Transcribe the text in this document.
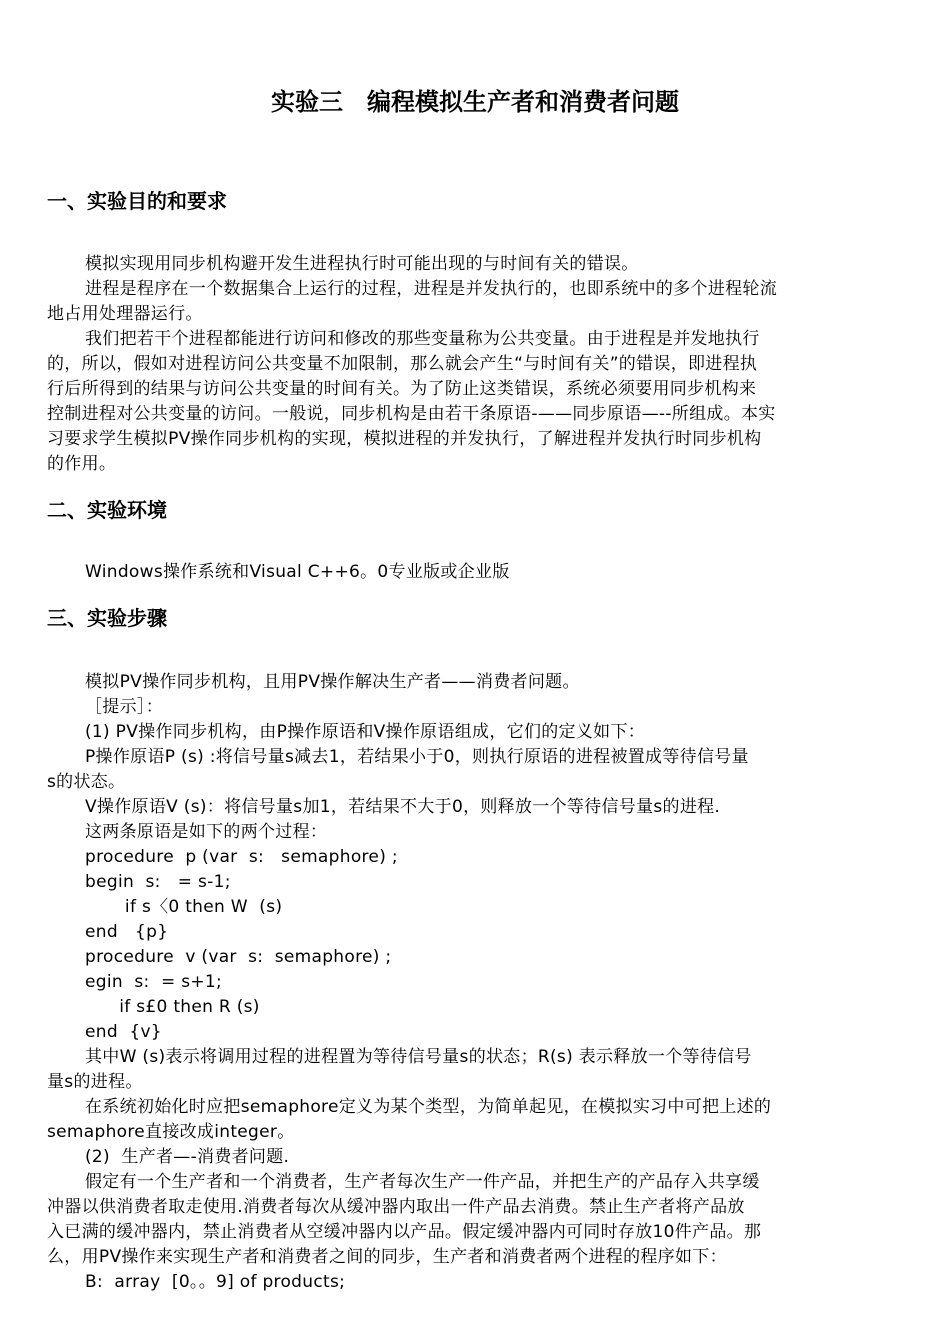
实验三　编程模拟生产者和消费者问题
一、实验目的和要求
模拟实现用同步机构避开发生进程执行时可能出现的与时间有关的错误。
进程是程序在一个数据集合上运行的过程，进程是并发执行的，也即系统中的多个进程轮流
地占用处理器运行。
我们把若干个进程都能进行访问和修改的那些变量称为公共变量。由于进程是并发地执行
的，所以，假如对进程访问公共变量不加限制，那么就会产生“与时间有关”的错误，即进程执
行后所得到的结果与访问公共变量的时间有关。为了防止这类错误，系统必须要用同步机构来
控制进程对公共变量的访问。一般说，同步机构是由若干条原语-——同步原语—--所组成。本实
习要求学生模拟PV操作同步机构的实现，模拟进程的并发执行，了解进程并发执行时同步机构
的作用。
二、实验环境
Windows操作系统和Visual C++6。0专业版或企业版
三、实验步骤
模拟PV操作同步机构，且用PV操作解决生产者——消费者问题。
［提示］：
(1) PV操作同步机构，由P操作原语和V操作原语组成，它们的定义如下：
P操作原语P (s) :将信号量s减去1，若结果小于0，则执行原语的进程被置成等待信号量
s的状态。
V操作原语V (s)：将信号量s加1，若结果不大于0，则释放一个等待信号量s的进程.
这两条原语是如下的两个过程：
procedure  p (var  s:   semaphore) ;
begin  s:   = s-1;
if s〈0 then W  (s)
end   {p}
procedure  v (var  s:  semaphore) ;
egin  s:  = s+1;
if s£0 then R (s)
end  {v}
其中W (s)表示将调用过程的进程置为等待信号量s的状态；R(s) 表示释放一个等待信号
量s的进程。
在系统初始化时应把semaphore定义为某个类型，为简单起见，在模拟实习中可把上述的
semaphore直接改成integer。
(2)  生产者—-消费者问题.
假定有一个生产者和一个消费者，生产者每次生产一件产品，并把生产的产品存入共享缓
冲器以供消费者取走使用.消费者每次从缓冲器内取出一件产品去消费。禁止生产者将产品放
入已满的缓冲器内，禁止消费者从空缓冲器内以产品。假定缓冲器内可同时存放10件产品。那
么，用PV操作来实现生产者和消费者之间的同步，生产者和消费者两个进程的程序如下：
B:  array  [0。。9] of products;
